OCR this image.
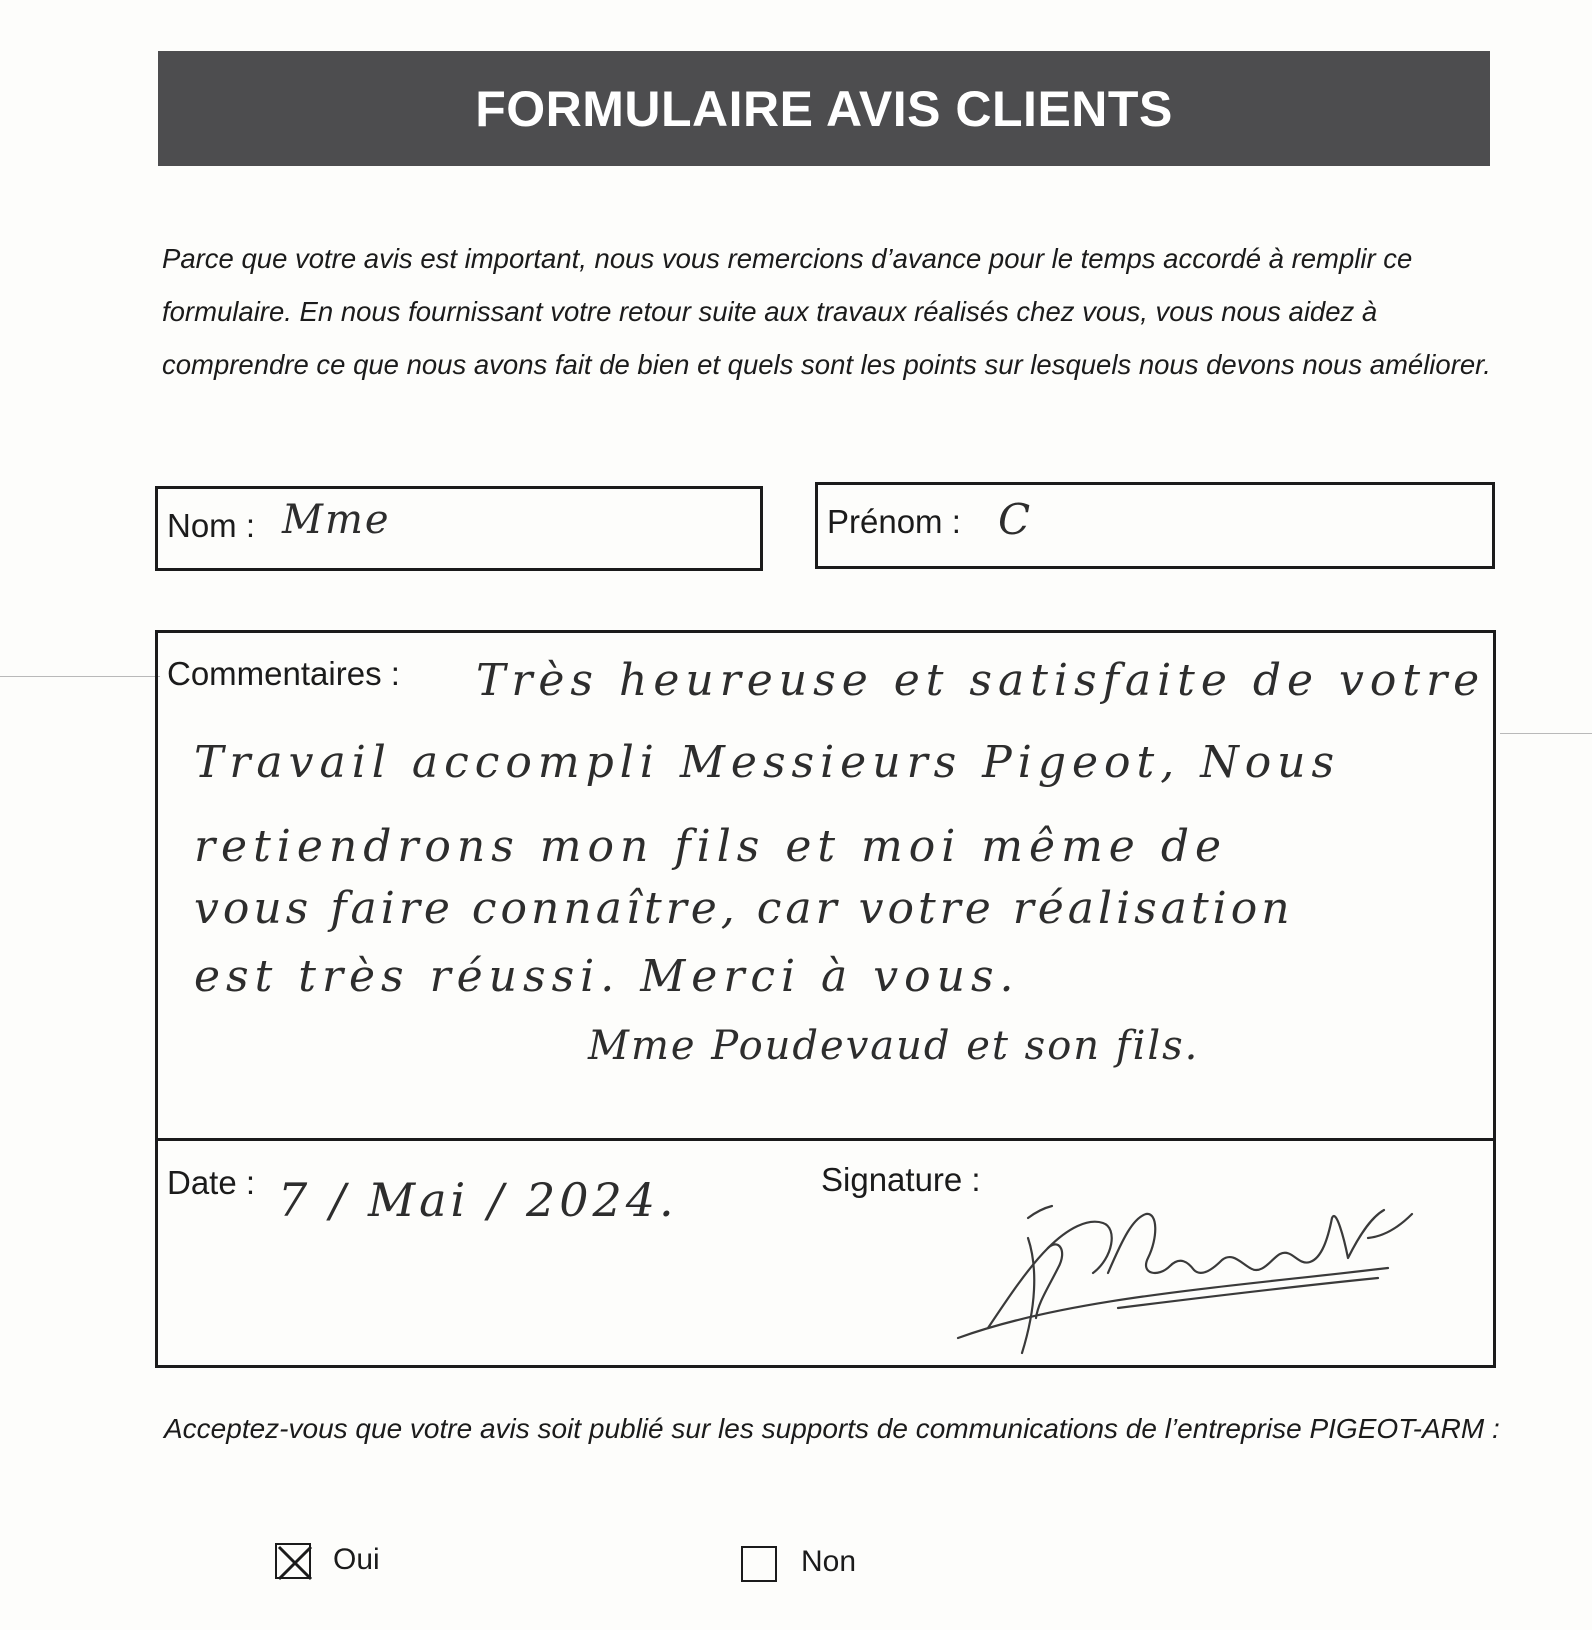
FORMULAIRE AVIS CLIENTS

Parce que votre avis est important, nous vous remercions d’avance pour le temps accordé à remplir ce formulaire. En nous fournissant votre retour suite aux travaux réalisés chez vous, vous nous aidez à comprendre ce que nous avons fait de bien et quels sont les points sur lesquels nous devons nous améliorer.

Nom : Mme	Prénom : C
Commentaires : Très heureuse et satisfaite de votre
Travail accompli Messieurs Pigeot, Nous
retiendrons mon fils et moi même de
vous faire connaître, car votre réalisation
est très réussi. Merci à vous.
Mme Poudevaud et son fils.
Date : 7 / Mai / 2024.	Signature :

Acceptez-vous que votre avis soit publié sur les supports de communications de l’entreprise PIGEOT-ARM :

Oui	Non
